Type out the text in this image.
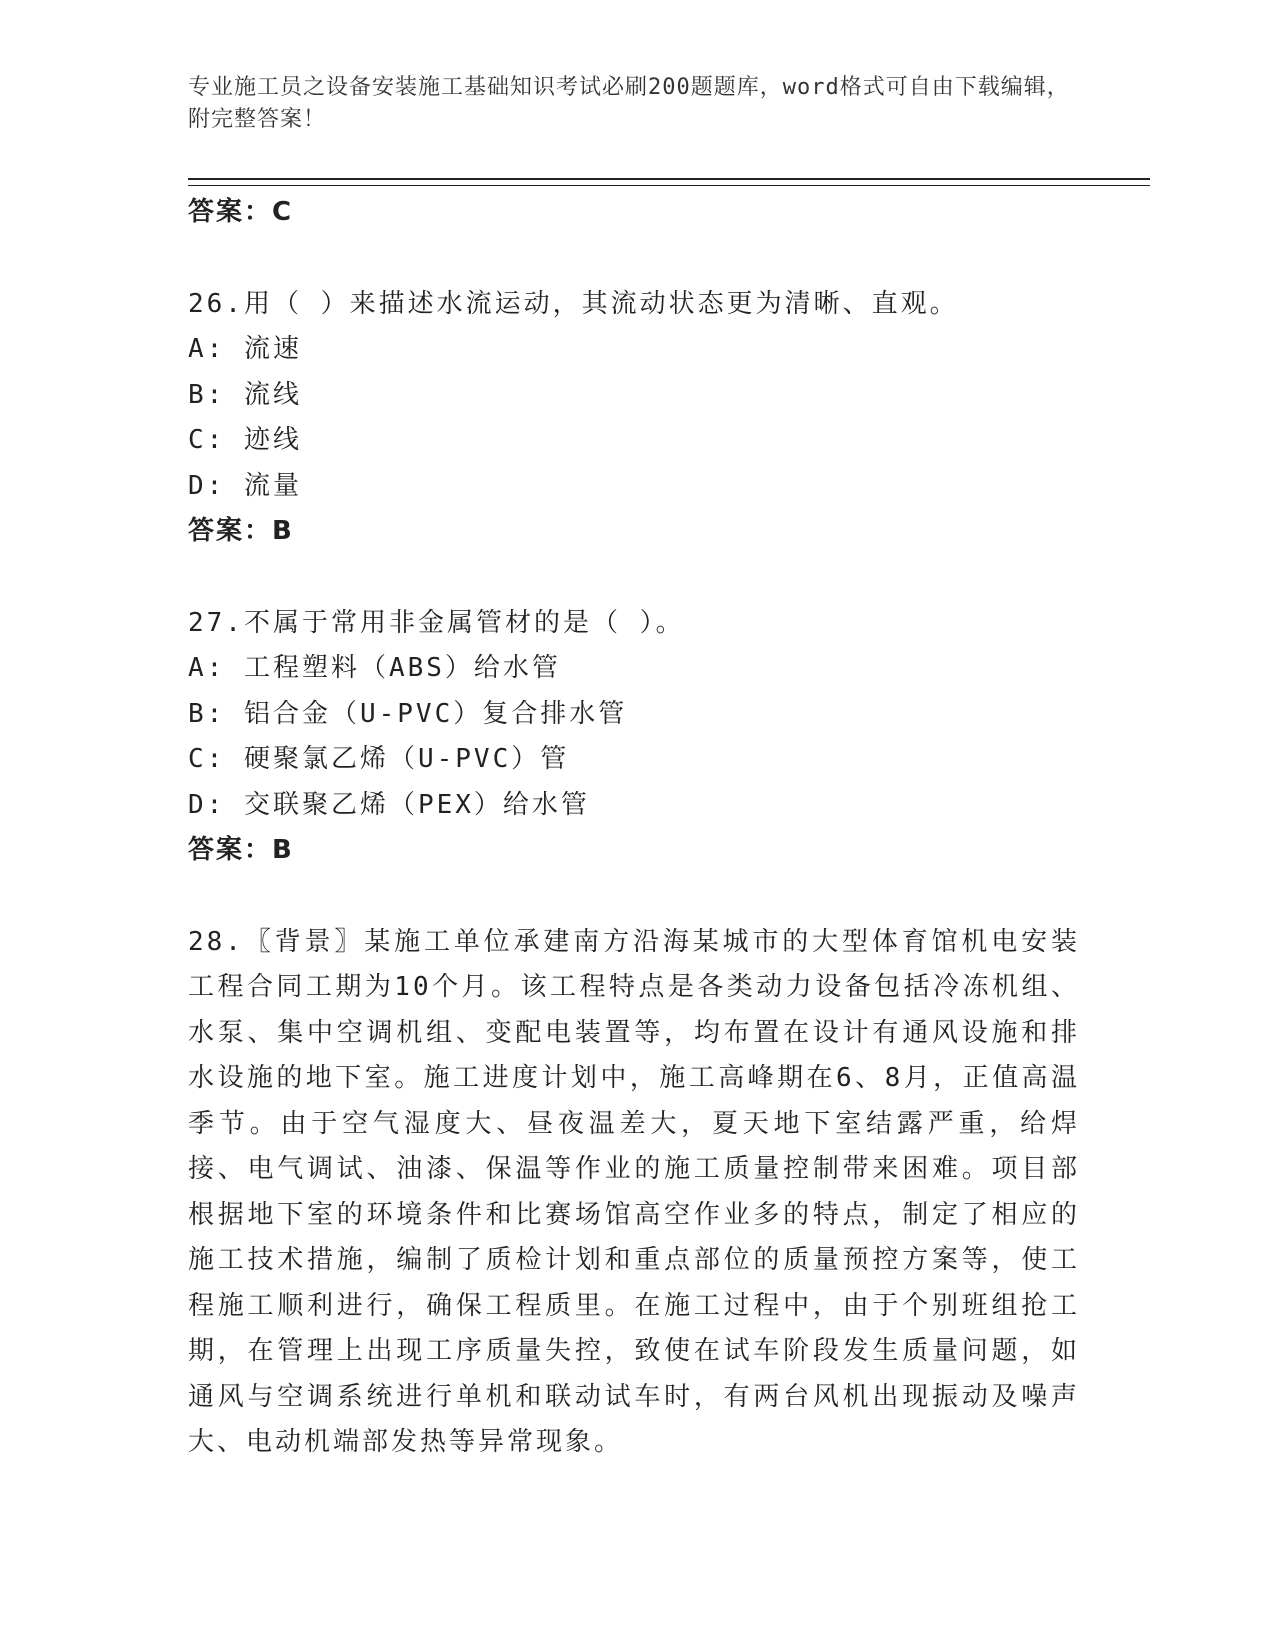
专业施工员之设备安装施工基础知识考试必刷200题题库，word格式可自由下载编辑，附完整答案！
答案：C

26.用（ ）来描述水流运动，其流动状态更为清晰、直观。

A: 流速

B: 流线

C: 迹线

D: 流量

答案：B

27.不属于常用非金属管材的是（ ）。

A: 工程塑料（ABS）给水管

B: 铝合金（U-PVC）复合排水管

C: 硬聚氯乙烯（U-PVC）管

D: 交联聚乙烯（PEX）给水管

答案：B

28.〖背景〗某施工单位承建南方沿海某城市的大型体育馆机电安装工程合同工期为10个月。该工程特点是各类动力设备包括冷冻机组、水泵、集中空调机组、变配电装置等，均布置在设计有通风设施和排水设施的地下室。施工进度计划中，施工高峰期在6、8月，正值高温季节。由于空气湿度大、昼夜温差大，夏天地下室结露严重，给焊接、电气调试、油漆、保温等作业的施工质量控制带来困难。项目部根据地下室的环境条件和比赛场馆高空作业多的特点，制定了相应的施工技术措施，编制了质检计划和重点部位的质量预控方案等，使工程施工顺利进行，确保工程质里。在施工过程中，由于个别班组抢工期，在管理上出现工序质量失控，致使在试车阶段发生质量问题，如通风与空调系统进行单机和联动试车时，有两台风机出现振动及噪声大、电动机端部发热等异常现象。
